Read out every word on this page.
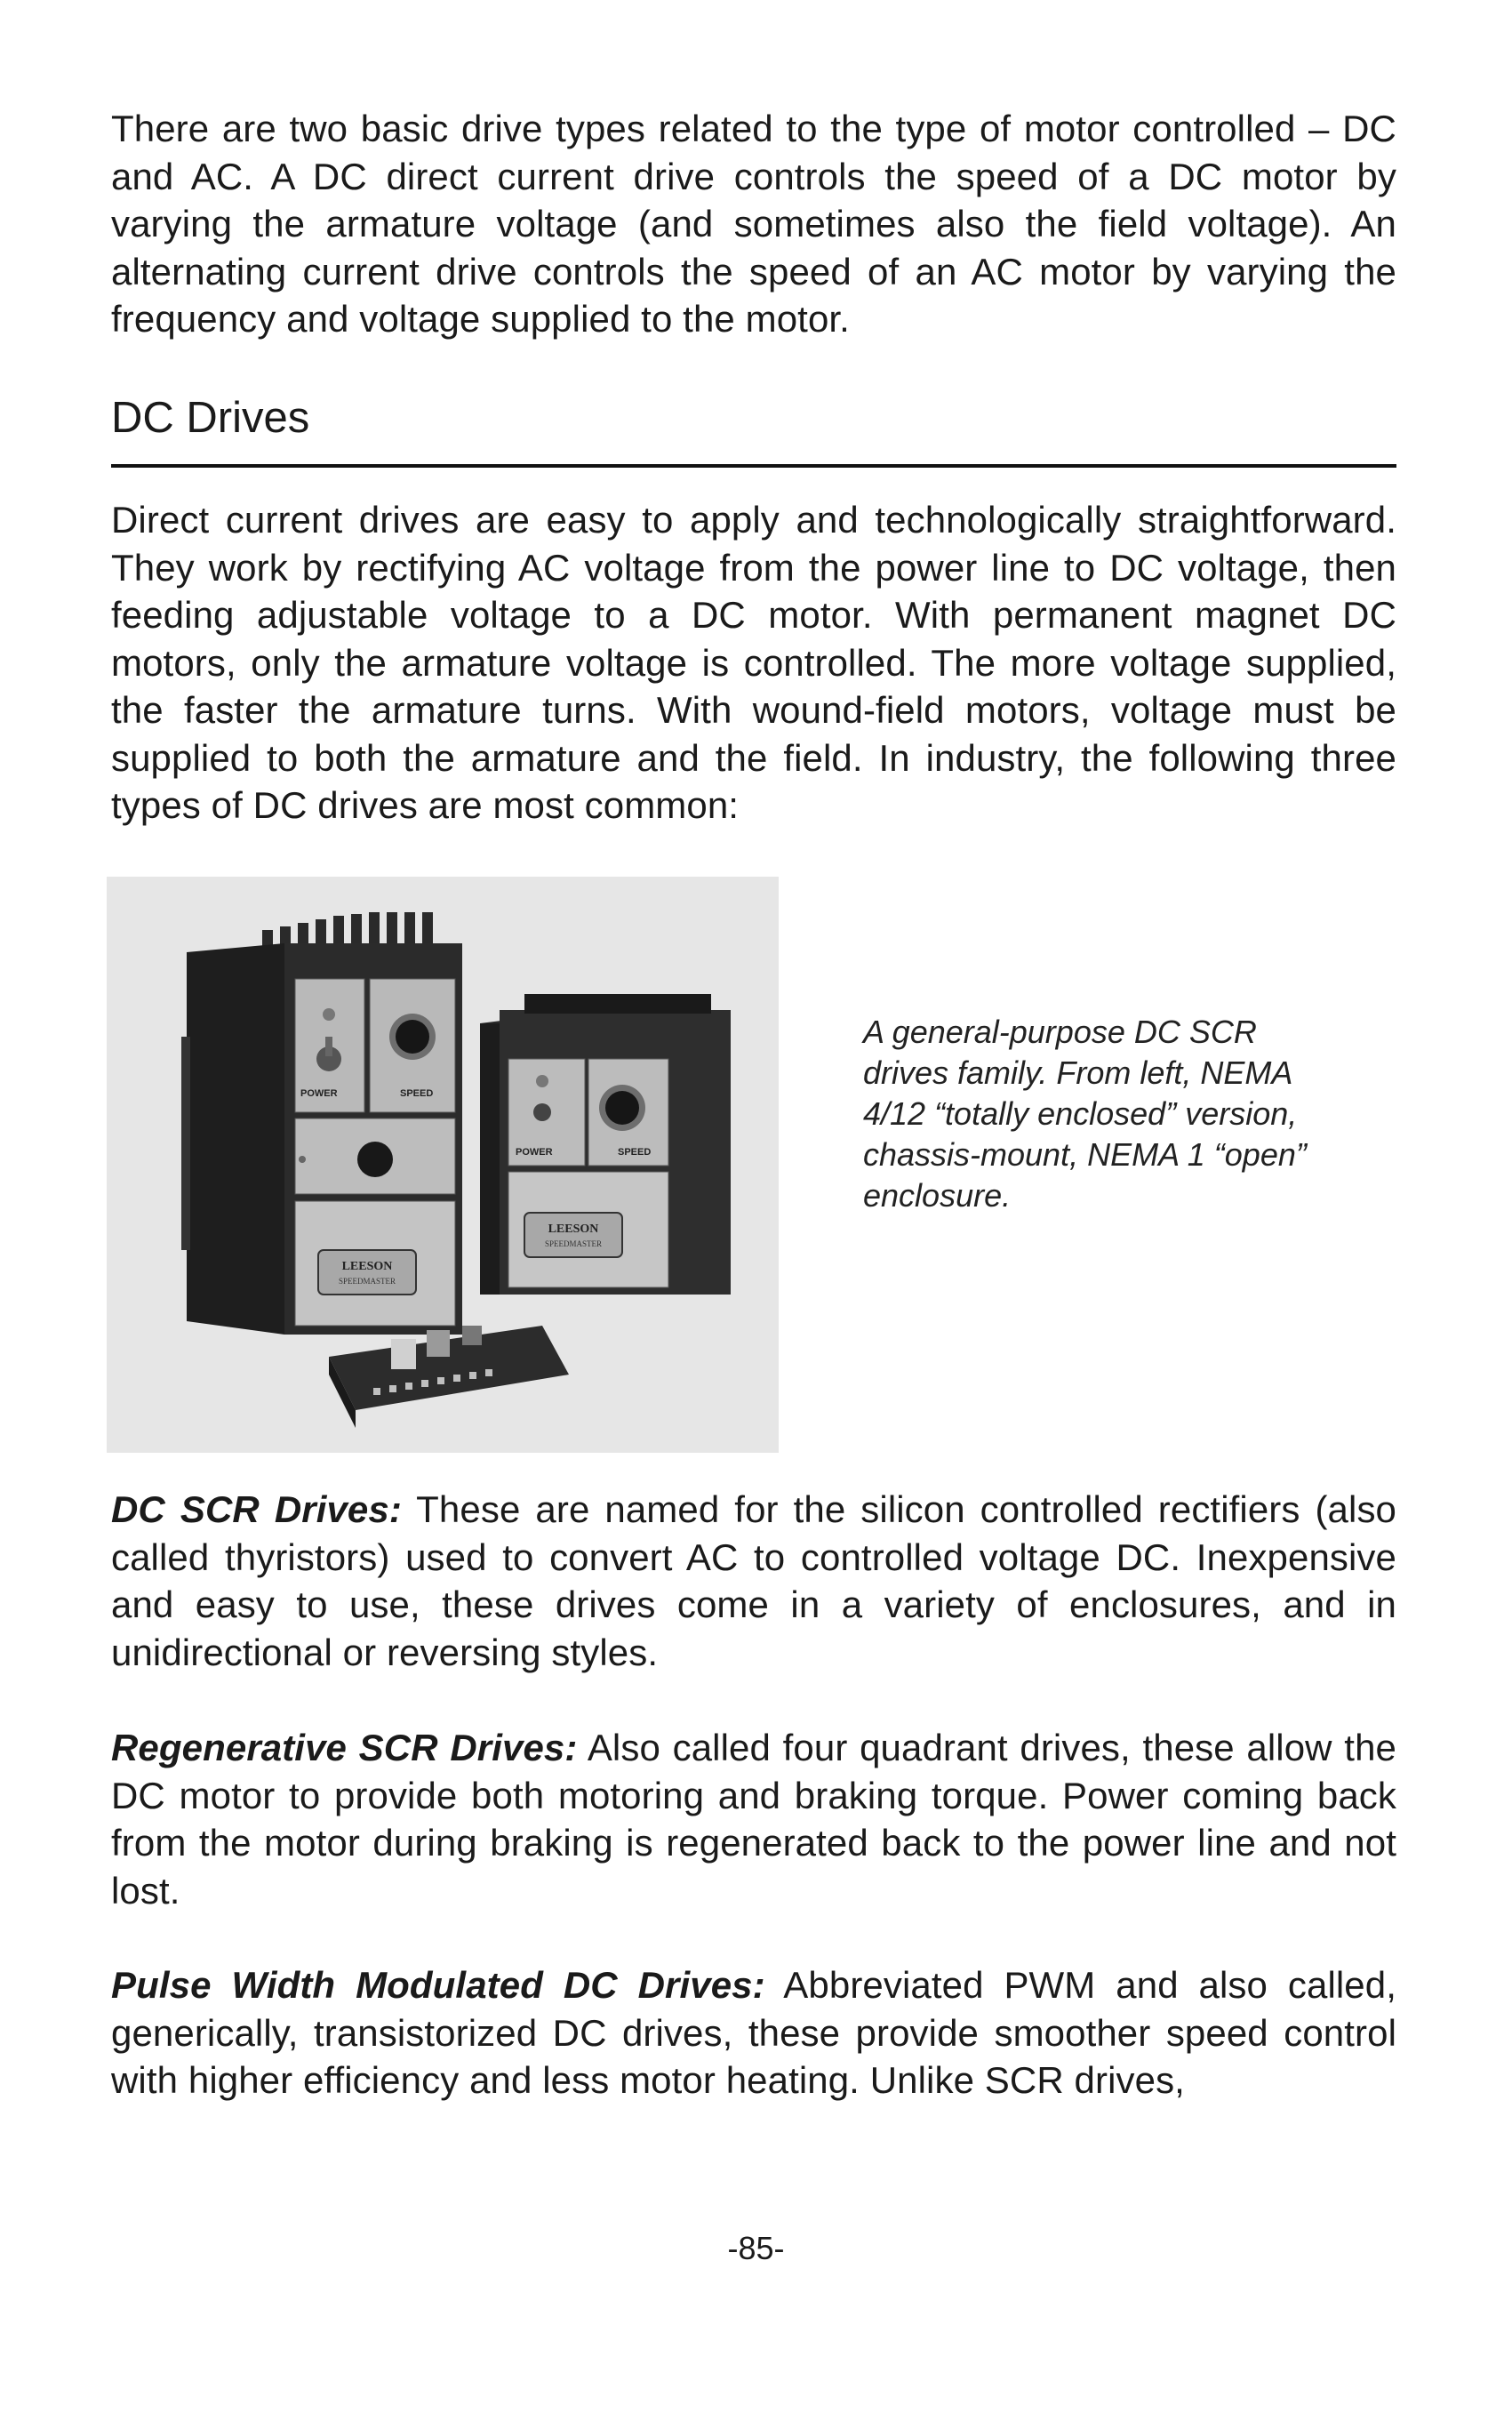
There are two basic drive types related to the type of motor controlled – DC and AC. A DC direct current drive controls the speed of a DC motor by varying the armature voltage (and sometimes also the field voltage). An alternating current drive controls the speed of an AC motor by varying the frequency and voltage supplied to the motor.

DC Drives

Direct current drives are easy to apply and technologically straightforward. They work by rectifying AC voltage from the power line to DC voltage, then feeding adjustable voltage to a DC motor. With permanent magnet DC motors, only the armature voltage is controlled. The more voltage supplied, the faster the armature turns. With wound-field motors, voltage must be supplied to both the armature and the field. In industry, the following three types of DC drives are most common:

POWER	SPEED
LEESON
SPEEDMASTER
POWER	SPEED
LEESON
SPEEDMASTER
A general-purpose DC SCR drives family. From left, NEMA 4/12 “totally enclosed” version, chassis-mount, NEMA 1 “open” enclosure.

DC SCR Drives: These are named for the silicon controlled rectifiers (also called thyristors) used to convert AC to controlled voltage DC. Inexpensive and easy to use, these drives come in a variety of enclosures, and in unidirectional or reversing styles.

Regenerative SCR Drives: Also called four quadrant drives, these allow the DC motor to provide both motoring and braking torque. Power coming back from the motor during braking is regenerated back to the power line and not lost.

Pulse Width Modulated DC Drives: Abbreviated PWM and also called, generically, transistorized DC drives, these provide smoother speed control with higher efficiency and less motor heating. Unlike SCR drives,

-85-
